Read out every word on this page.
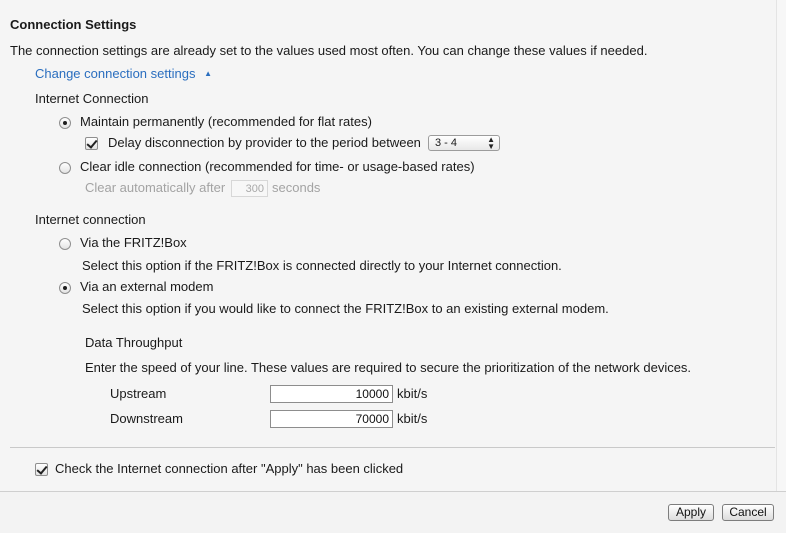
Connection Settings
The connection settings are already set to the values used most often. You can change these values if needed.
Change connection settings ▲
Internet Connection
Maintain permanently (recommended for flat rates)
Delay disconnection by provider to the period between	3 - 4	▲
▼
Clear idle connection (recommended for time- or usage-based rates)
Clear automatically after	300 seconds
Internet connection
Via the FRITZ!Box
Select this option if the FRITZ!Box is connected directly to your Internet connection.
Via an external modem
Select this option if you would like to connect the FRITZ!Box to an existing external modem.
Data Throughput
Enter the speed of your line. These values are required to secure the prioritization of the network devices.
Upstream	10000 kbit/s
Downstream	70000 kbit/s
Check the Internet connection after "Apply" has been clicked
Apply	Cancel
